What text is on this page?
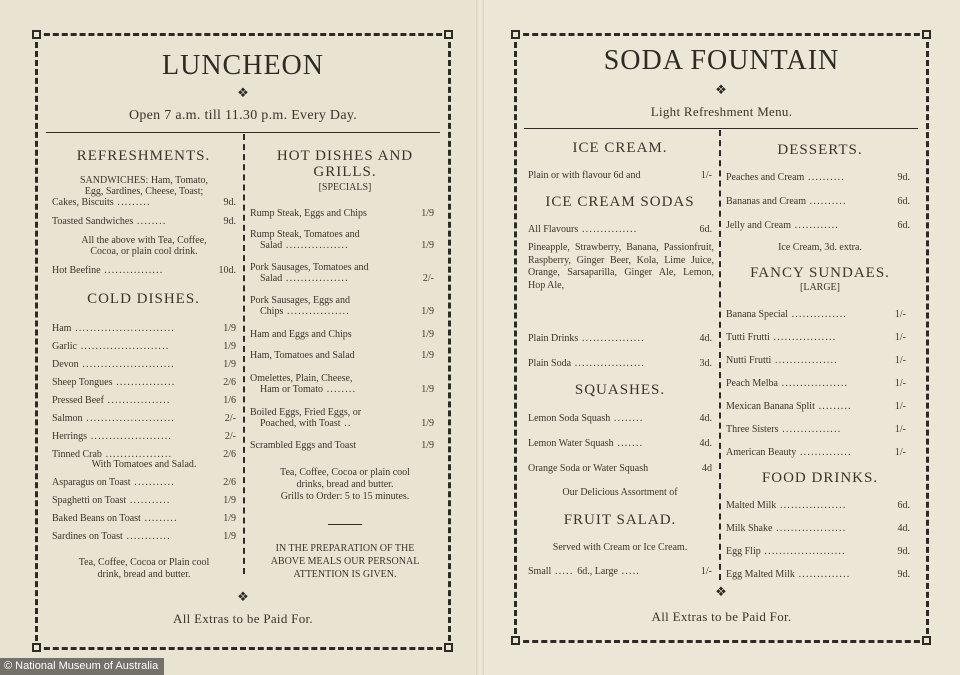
LUNCHEON
❖
Open 7 a.m. till 11.30 p.m. Every Day.
REFRESHMENTS.
SANDWICHES: Ham, Tomato,
Egg, Sardines, Cheese, Toast;
Cakes, Biscuits .........	9d.
Toasted Sandwiches ........	9d.
All the above with Tea, Coffee,
Cocoa, or plain cool drink.
Hot Beefine ................	10d.
COLD DISHES.
Ham ...........................	1/9
Garlic ........................	1/9
Devon .........................	1/9
Sheep Tongues ................	2/6
Pressed Beef .................	1/6
Salmon ........................	2/-
Herrings ......................	2/-
Tinned Crab ..................	2/6
With Tomatoes and Salad.
Asparagus on Toast ...........	2/6
Spaghetti on Toast ...........	1/9
Baked Beans on Toast .........	1/9
Sardines on Toast ............	1/9
Tea, Coffee, Cocoa or Plain cool
drink, bread and butter.
HOT DISHES AND
GRILLS.
[SPECIALS]
Rump Steak, Eggs and Chips	1/9
Rump Steak, Tomatoes and
Salad .................	1/9
Pork Sausages, Tomatoes and
Salad .................	2/-
Pork Sausages, Eggs and
Chips .................	1/9
Ham and Eggs and Chips	1/9
Ham, Tomatoes and Salad	1/9
Omelettes, Plain, Cheese,
Ham or Tomato ........	1/9
Boiled Eggs, Fried Eggs, or
Poached, with Toast ..	1/9
Scrambled Eggs and Toast	1/9
Tea, Coffee, Cocoa or plain cool
drinks, bread and butter.
Grills to Order: 5 to 15 minutes.
IN THE PREPARATION OF THE
ABOVE MEALS OUR PERSONAL
ATTENTION IS GIVEN.
❖
All Extras to be Paid For.
SODA FOUNTAIN
❖
Light Refreshment Menu.
ICE CREAM.
Plain or with flavour 6d and	1/-
ICE CREAM SODAS
All Flavours ...............	6d.
Pineapple, Strawberry, Banana, Passionfruit, Raspberry, Ginger Beer, Kola, Lime Juice, Orange, Sarsaparilla, Ginger Ale, Lemon, Hop Ale,
Plain Drinks .................	4d.
Plain Soda ...................	3d.
SQUASHES.
Lemon Soda Squash ........	4d.
Lemon Water Squash .......	4d.
Orange Soda or Water Squash	4d
Our Delicious Assortment of
FRUIT SALAD.
Served with Cream or Ice Cream.
Small ..... 6d., Large .....	1/-
DESSERTS.
Peaches and Cream ..........	9d.
Bananas and Cream ..........	6d.
Jelly and Cream ............	6d.
Ice Cream, 3d. extra.
FANCY SUNDAES.
[LARGE]
Banana Special ...............	1/-
Tutti Frutti .................	1/-
Nutti Frutti .................	1/-
Peach Melba ..................	1/-
Mexican Banana Split .........	1/-
Three Sisters ................	1/-
American Beauty ..............	1/-
FOOD DRINKS.
Malted Milk ..................	6d.
Milk Shake ...................	4d.
Egg Flip ......................	9d.
Egg Malted Milk ..............	9d.
❖
All Extras to be Paid For.
© National Museum of Australia
